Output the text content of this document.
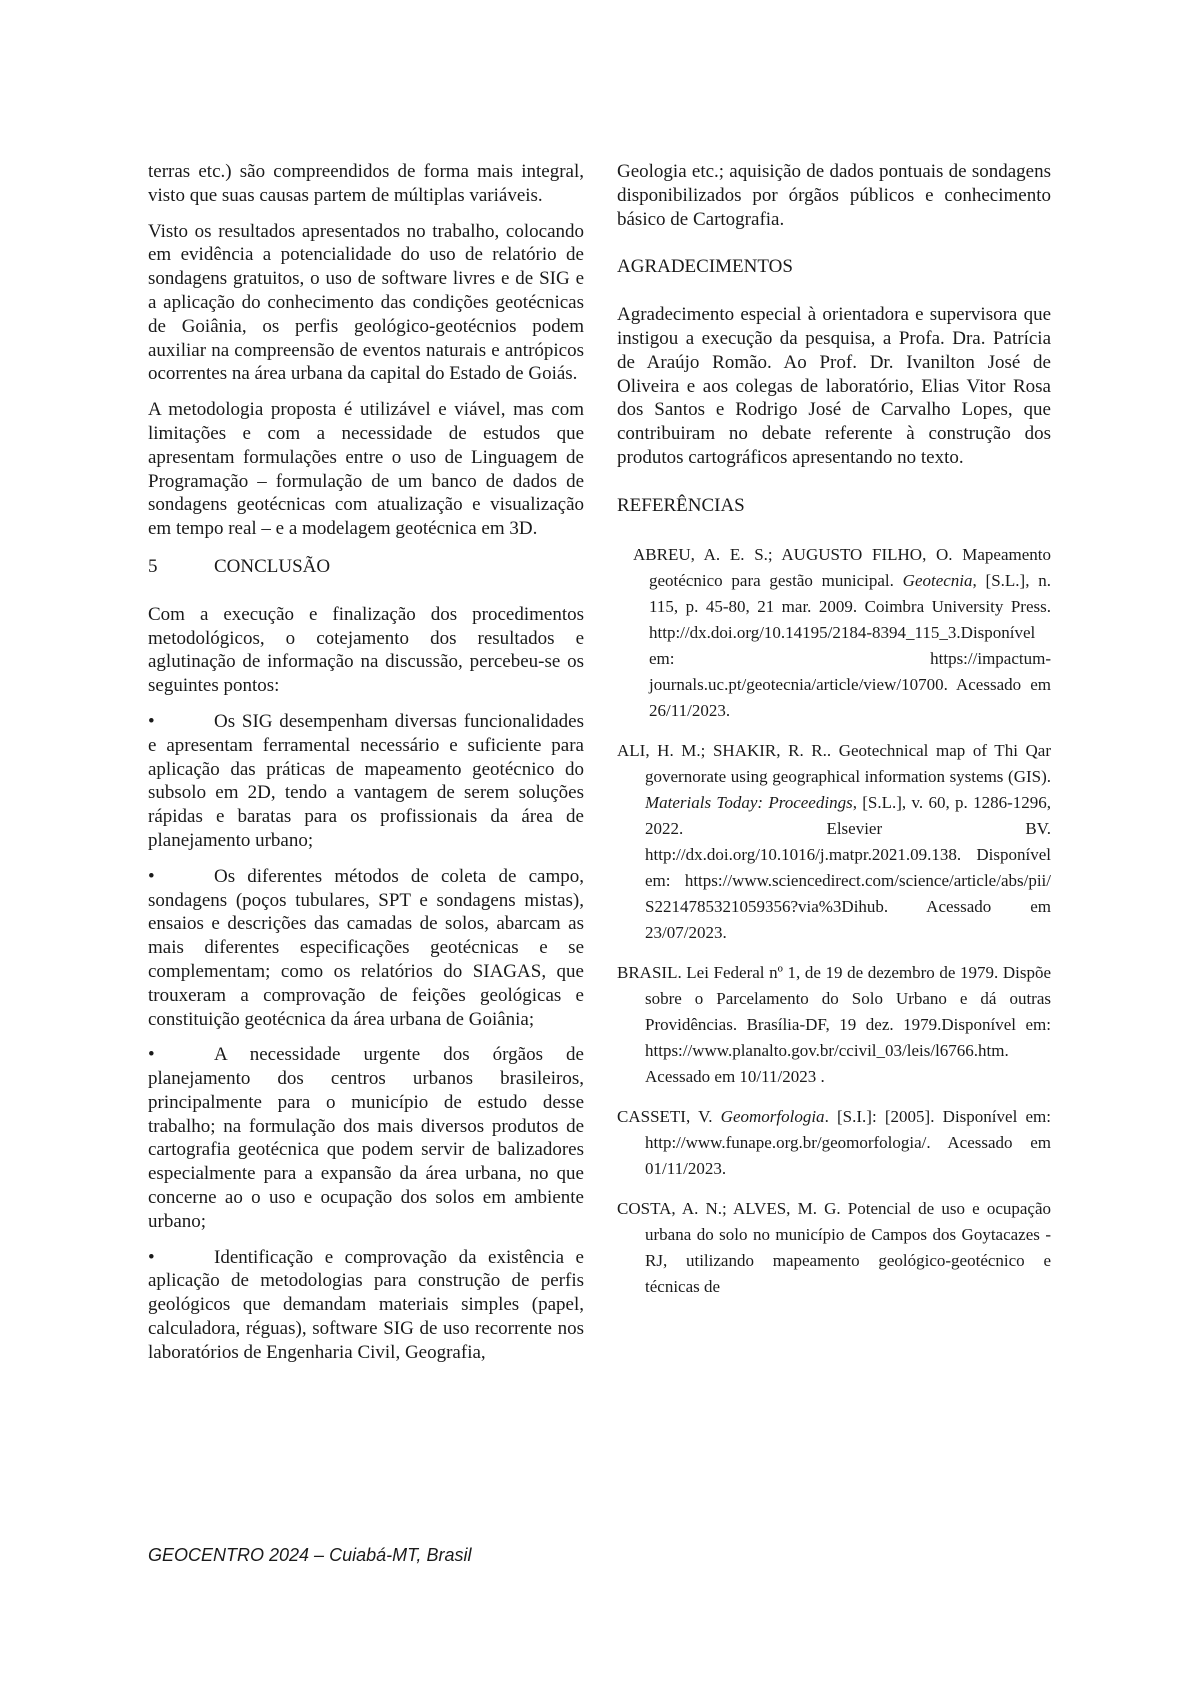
terras etc.) são compreendidos de forma mais integral, visto que suas causas partem de múltiplas variáveis.

Visto os resultados apresentados no trabalho, colocando em evidência a potencialidade do uso de relatório de sondagens gratuitos, o uso de software livres e de SIG e a aplicação do conhecimento das condições geotécnicas de Goiânia, os perfis geológico-geotécnios podem auxiliar na compreensão de eventos naturais e antrópicos ocorrentes na área urbana da capital do Estado de Goiás.

A metodologia proposta é utilizável e viável, mas com limitações e com a necessidade de estudos que apresentam formulações entre o uso de Linguagem de Programação – formulação de um banco de dados de sondagens geotécnicas com atualização e visualização em tempo real – e a modelagem geotécnica em 3D.

5	CONCLUSÃO

Com a execução e finalização dos procedimentos metodológicos, o cotejamento dos resultados e aglutinação de informação na discussão, percebeu-se os seguintes pontos:

•	Os SIG desempenham diversas funcionalidades e apresentam ferramental necessário e suficiente para aplicação das práticas de mapeamento geotécnico do subsolo em 2D, tendo a vantagem de serem soluções rápidas e baratas para os profissionais da área de planejamento urbano;
•	Os diferentes métodos de coleta de campo, sondagens (poços tubulares, SPT e sondagens mistas), ensaios e descrições das camadas de solos, abarcam as mais diferentes especificações geotécnicas e se complementam; como os relatórios do SIAGAS, que trouxeram a comprovação de feições geológicas e constituição geotécnica da área urbana de Goiânia;
•	A necessidade urgente dos órgãos de planejamento dos centros urbanos brasileiros, principalmente para o município de estudo desse trabalho; na formulação dos mais diversos produtos de cartografia geotécnica que podem servir de balizadores especialmente para a expansão da área urbana, no que concerne ao o uso e ocupação dos solos em ambiente urbano;
•	Identificação e comprovação da existência e aplicação de metodologias para construção de perfis geológicos que demandam materiais simples (papel, calculadora, réguas), software SIG de uso recorrente nos laboratórios de Engenharia Civil, Geografia,

Geologia etc.; aquisição de dados pontuais de sondagens disponibilizados por órgãos públicos e conhecimento básico de Cartografia.

AGRADECIMENTOS

Agradecimento especial à orientadora e supervisora que instigou a execução da pesquisa, a Profa. Dra. Patrícia de Araújo Romão. Ao Prof. Dr. Ivanilton José de Oliveira e aos colegas de laboratório, Elias Vitor Rosa dos Santos e Rodrigo José de Carvalho Lopes, que contribuiram no debate referente à construção dos produtos cartográficos apresentando no texto.

REFERÊNCIAS
ABREU, A. E. S.; AUGUSTO FILHO, O. Mapeamento geotécnico para gestão municipal. Geotecnia, [S.L.], n. 115, p. 45-80, 21 mar. 2009. Coimbra University Press. http://dx.doi.org/10.14195/2184-8394_115_3.Disponível em: https://impactum-journals.uc.pt/geotecnia/article/view/10700. Acessado em 26/11/2023.
ALI, H. M.; SHAKIR, R. R.. Geotechnical map of Thi Qar governorate using geographical information systems (GIS). Materials Today: Proceedings, [S.L.], v. 60, p. 1286-1296, 2022. Elsevier BV. http://dx.doi.org/10.1016/j.matpr.2021.09.138. Disponível em: https://www.sciencedirect.com/science/article/abs/pii/ S2214785321059356?via%3Dihub. Acessado em 23/07/2023.
BRASIL. Lei Federal nº 1, de 19 de dezembro de 1979. Dispõe sobre o Parcelamento do Solo Urbano e dá outras Providências. Brasília-DF, 19 dez. 1979.Disponível em: https://www.planalto.gov.br/ccivil_03/leis/l6766.htm. Acessado em 10/11/2023 .
CASSETI, V. Geomorfologia. [S.I.]: [2005]. Disponível em: http://www.funape.org.br/geomorfologia/. Acessado em 01/11/2023.
COSTA, A. N.; ALVES, M. G. Potencial de uso e ocupação urbana do solo no município de Campos dos Goytacazes - RJ, utilizando mapeamento geológico-geotécnico e técnicas de
GEOCENTRO 2024 – Cuiabá-MT, Brasil
